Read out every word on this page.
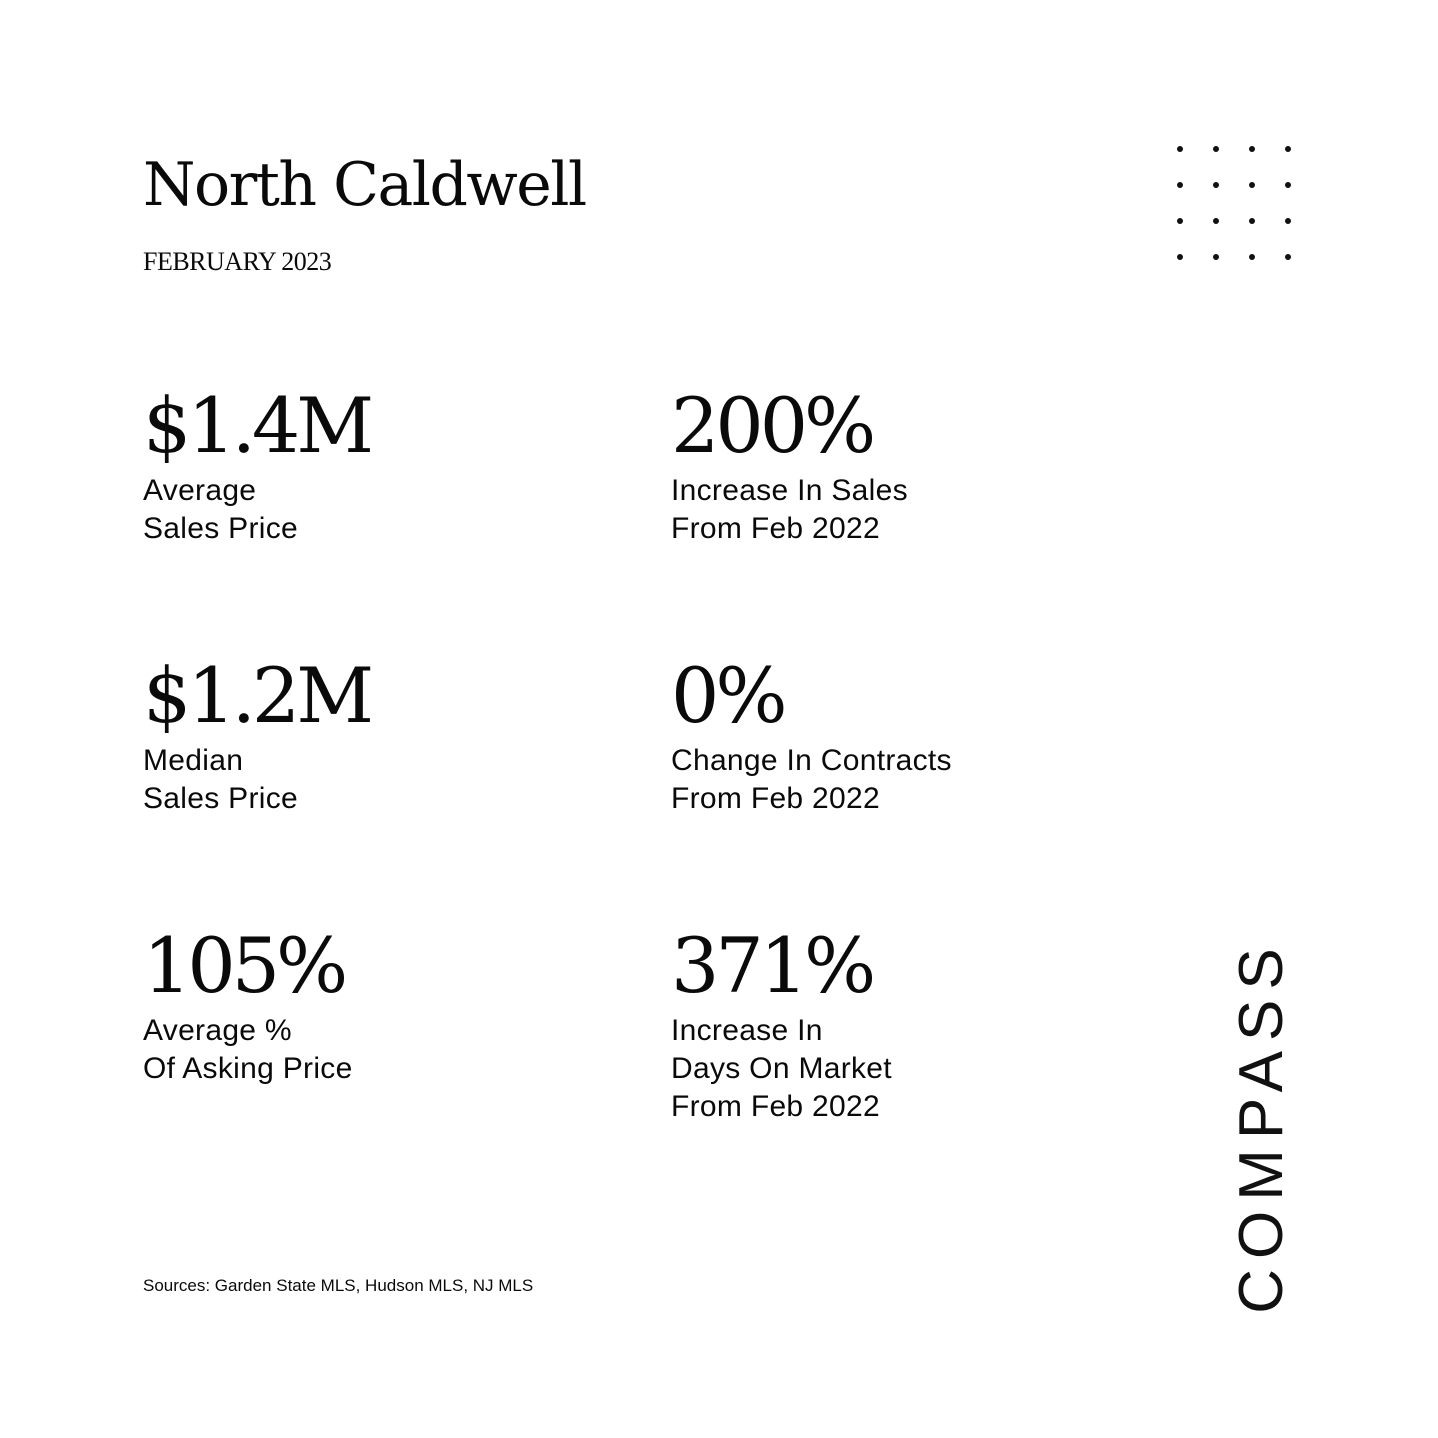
North Caldwell
FEBRUARY 2023
$1.4M
Average
Sales Price
200%
Increase In Sales
From Feb 2022
$1.2M
Median
Sales Price
0%
Change In Contracts
From Feb 2022
105%
Average %
Of Asking Price
371%
Increase In
Days On Market
From Feb 2022
Sources: Garden State MLS, Hudson MLS, NJ MLS	COMPASS
